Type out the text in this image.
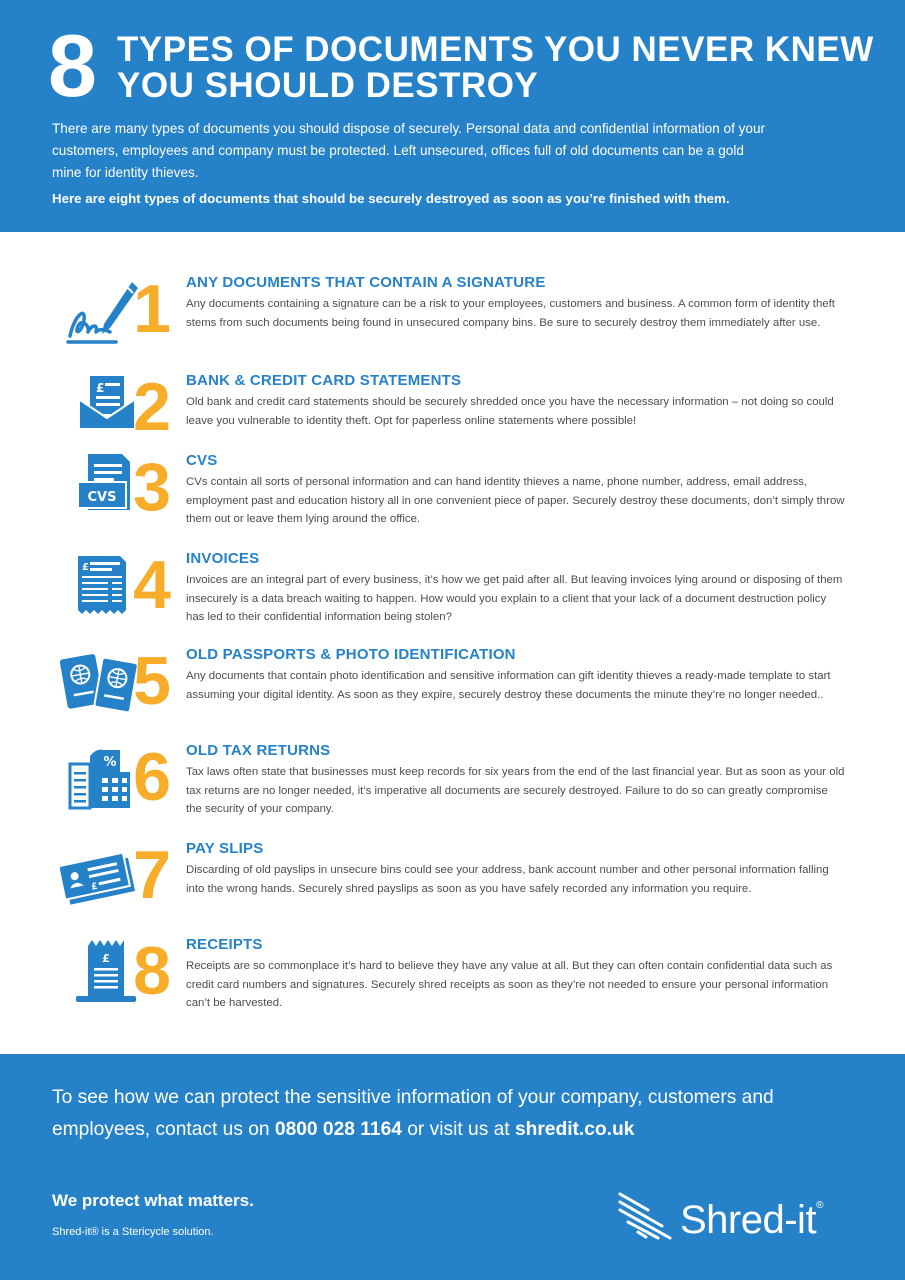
8 TYPES OF DOCUMENTS YOU NEVER KNEW YOU SHOULD DESTROY
There are many types of documents you should dispose of securely. Personal data and confidential information of your customers, employees and company must be protected. Left unsecured, offices full of old documents can be a gold mine for identity thieves.
Here are eight types of documents that should be securely destroyed as soon as you’re finished with them.
1	ANY DOCUMENTS THAT CONTAIN A SIGNATURE
Any documents containing a signature can be a risk to your employees, customers and business. A common form of identity theft stems from such documents being found in unsecured company bins. Be sure to securely destroy them immediately after use.
£ 2	BANK & CREDIT CARD STATEMENTS
Old bank and credit card statements should be securely shredded once you have the necessary information – not doing so could leave you vulnerable to identity theft. Opt for paperless online statements where possible!
CVS 3	CVS
CVs contain all sorts of personal information and can hand identity thieves a name, phone number, address, email address, employment past and education history all in one convenient piece of paper. Securely destroy these documents, don’t simply throw them out or leave them lying around the office.
£ 4	INVOICES
Invoices are an integral part of every business, it’s how we get paid after all. But leaving invoices lying around or disposing of them insecurely is a data breach waiting to happen. How would you explain to a client that your lack of a document destruction policy has led to their confidential information being stolen?
5	OLD PASSPORTS & PHOTO IDENTIFICATION
Any documents that contain photo identification and sensitive information can gift identity thieves a ready-made template to start assuming your digital identity. As soon as they expire, securely destroy these documents the minute they’re no longer needed..
% 6	OLD TAX RETURNS
Tax laws often state that businesses must keep records for six years from the end of the last financial year. But as soon as your old tax returns are no longer needed, it’s imperative all documents are securely destroyed. Failure to do so can greatly compromise the security of your company.
£ 7	PAY SLIPS
Discarding of old payslips in unsecure bins could see your address, bank account number and other personal information falling into the wrong hands. Securely shred payslips as soon as you have safely recorded any information you require.
£ 8	RECEIPTS
Receipts are so commonplace it’s hard to believe they have any value at all. But they can often contain confidential data such as credit card numbers and signatures. Securely shred receipts as soon as they’re not needed to ensure your personal information can’t be harvested.
To see how we can protect the sensitive information of your company, customers and employees, contact us on 0800 028 1164 or visit us at shredit.co.uk
We protect what matters.
Shred-it® is a Stericycle solution.	Shred-it®
